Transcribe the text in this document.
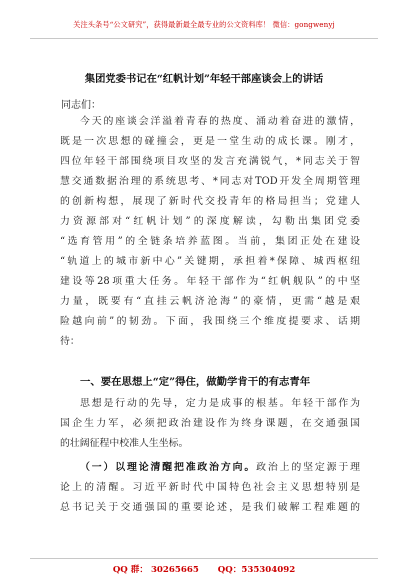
关注头条号“公文研究”，获得最新最全最专业的公文资料库！ 微信：gongwenyj
集团党委书记在“红帆计划”年轻干部座谈会上的讲话
同志们：
今天的座谈会洋溢着青春的热度、涌动着奋进的激情，
既是一次思想的碰撞会，更是一堂生动的成长课。刚才，
四位年轻干部围绕项目攻坚的发言充满锐气，*同志关于智
慧交通数据治理的系统思考、*同志对TOD开发全周期管理
的创新构想，展现了新时代交投青年的格局担当；党建人
力资源部对“红帆计划”的深度解读，勾勒出集团党委
“选育管用”的全链条培养蓝图。当前，集团正处在建设
“轨道上的城市新中心”关键期，承担着*保障、城西枢纽
建设等28项重大任务。年轻干部作为“红帆舰队”的中坚
力量，既要有“直挂云帆济沧海”的豪情，更需“越是艰
险越向前”的韧劲。下面，我围绕三个维度提要求、话期
待：
一、要在思想上“定”得住，做勤学肯干的有志青年
思想是行动的先导，定力是成事的根基。年轻干部作为
国企生力军，必须把政治建设作为终身课题，在交通强国
的壮阔征程中校准人生坐标。
（一）以理论清醒把准政治方向。政治上的坚定源于理
论上的清醒。习近平新时代中国特色社会主义思想特别是
总书记关于交通强国的重要论述，是我们破解工程难题的
QQ 群： 30265665 QQ：535304092
